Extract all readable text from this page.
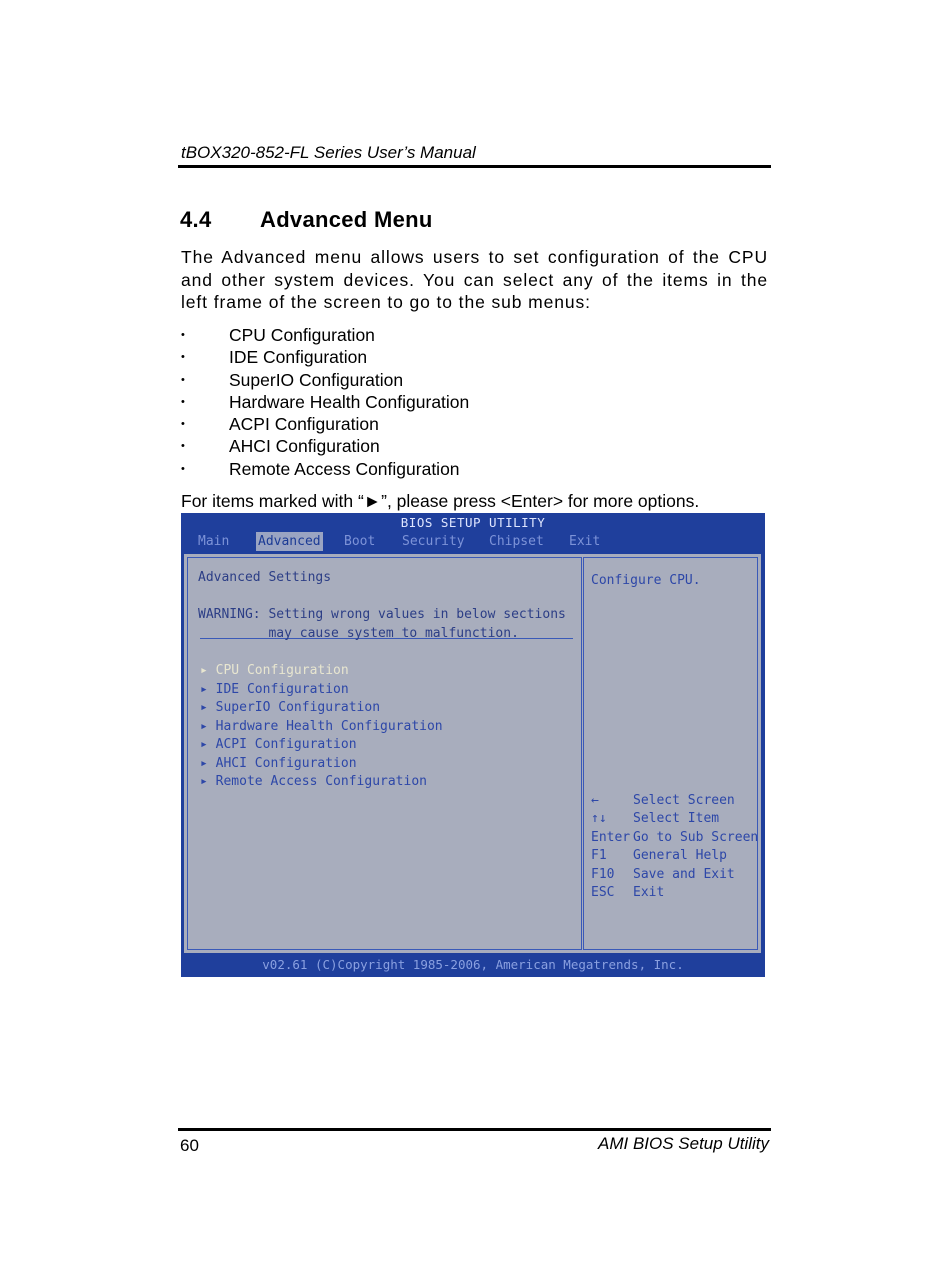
tBOX320-852-FL Series User’s Manual
4.4 Advanced Menu

The Advanced menu allows users to set configuration of the CPU and other system devices. You can select any of the items in the left frame of the screen to go to the sub menus:

•	CPU Configuration
•	IDE Configuration
•	SuperIO Configuration
•	Hardware Health Configuration
•	ACPI Configuration
•	AHCI Configuration
•	Remote Access Configuration
For items marked with “►”, please press <Enter> for more options.
BIOS SETUP UTILITY
Main Advanced Boot Security Chipset Exit
Advanced Settings
WARNING: Setting wrong values in below sections
may cause system to malfunction.
▸ CPU Configuration
▸ IDE Configuration
▸ SuperIO Configuration
▸ Hardware Health Configuration
▸ ACPI Configuration
▸ AHCI Configuration
▸ Remote Access Configuration
Configure CPU.
←	Select Screen
↑↓ Select Item
Enter Go to Sub Screen
F1 General Help
F10 Save and Exit
ESC Exit
v02.61 (C)Copyright 1985-2006, American Megatrends, Inc.
60	AMI BIOS Setup Utility
